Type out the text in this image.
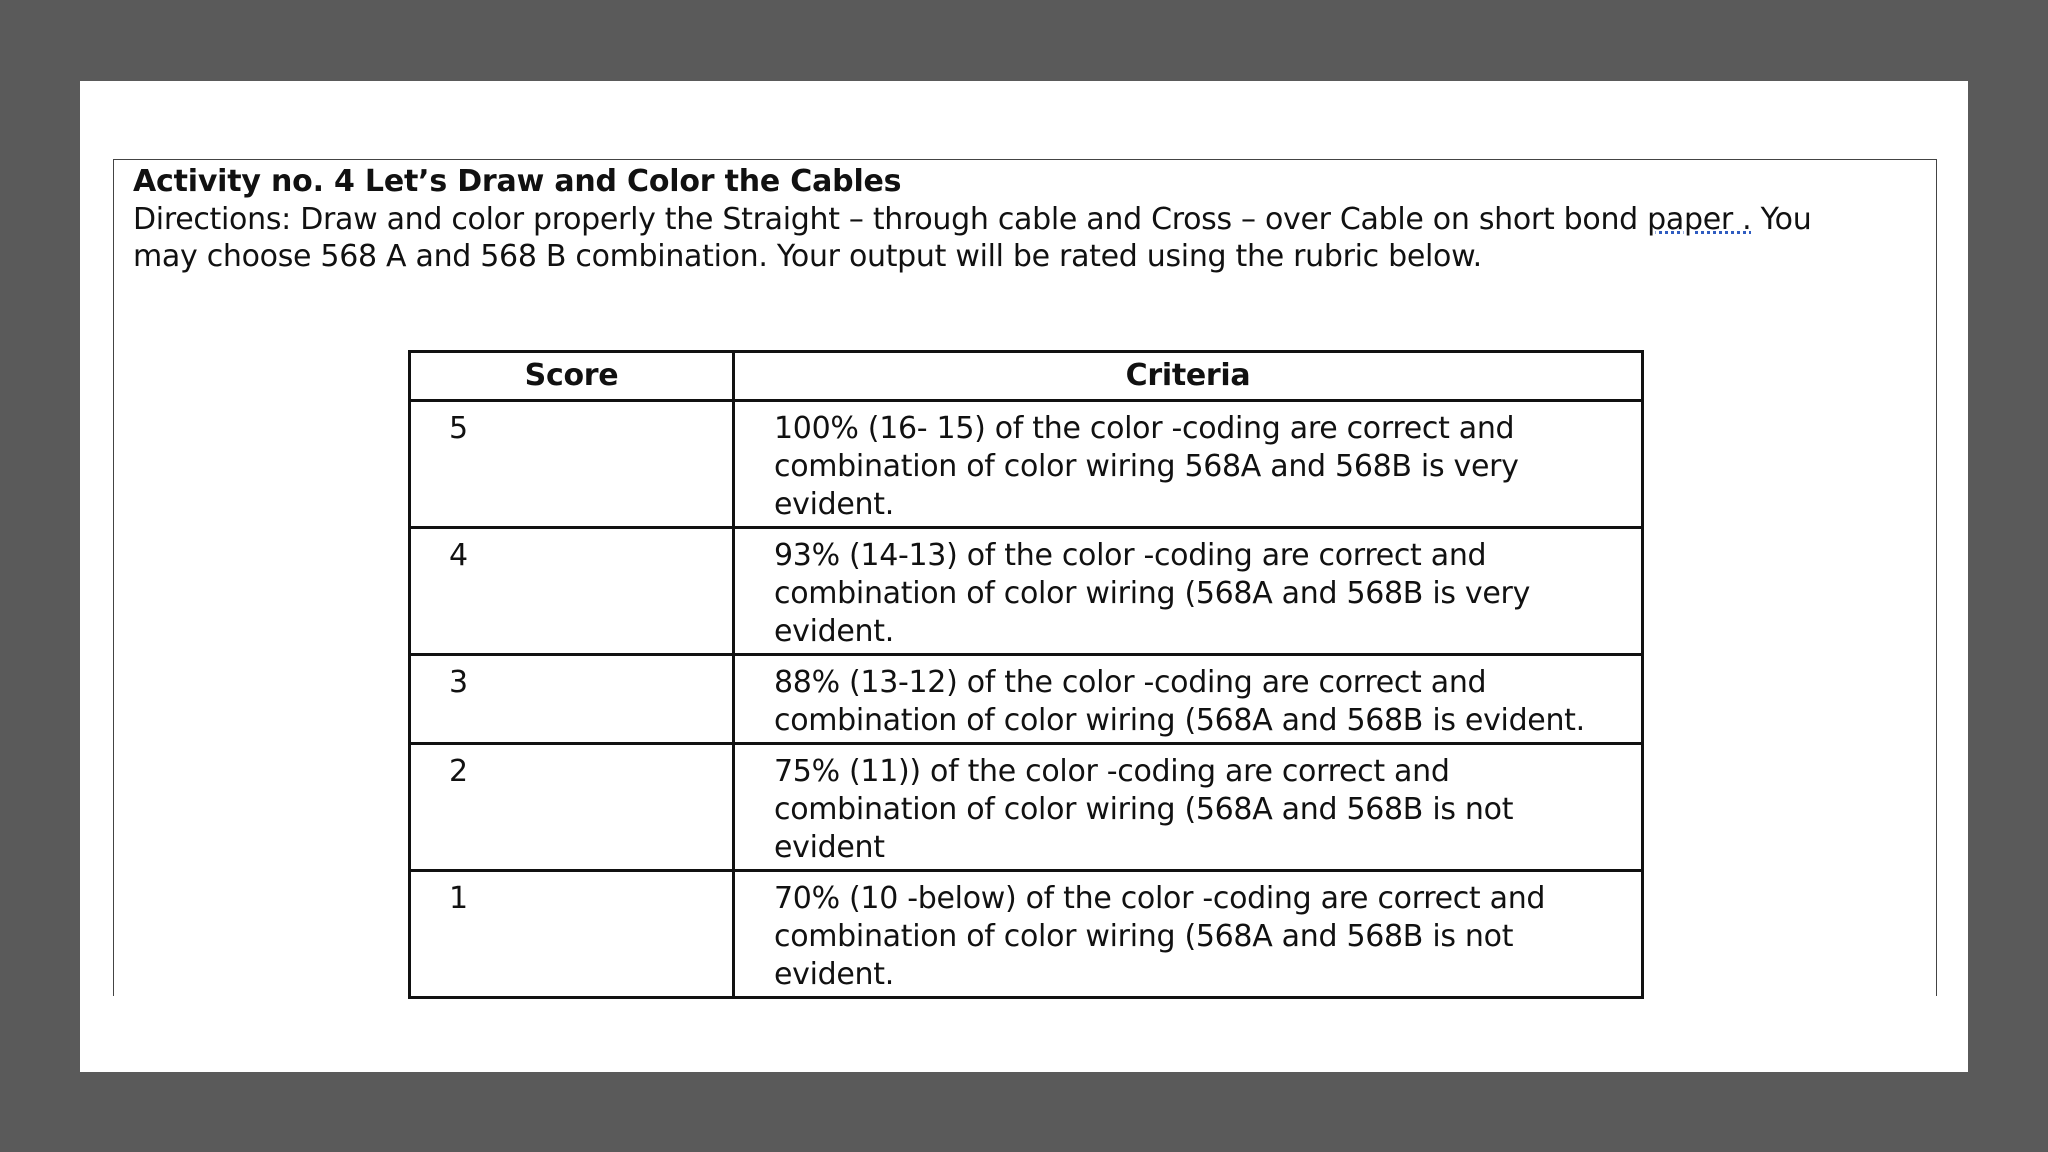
Activity no. 4 Let’s Draw and Color the Cables
Directions: Draw and color properly the Straight – through cable and Cross – over Cable on short bond paper . You
may choose 568 A and 568 B combination. Your output will be rated using the rubric below.
Score	Criteria
5	100% (16- 15) of the color -coding are correct and
combination of color wiring 568A and 568B is very
evident.
4	93% (14-13) of the color -coding are correct and
combination of color wiring (568A and 568B is very
evident.
3	88% (13-12) of the color -coding are correct and
combination of color wiring (568A and 568B is evident.
2	75% (11)) of the color -coding are correct and
combination of color wiring (568A and 568B is not
evident
1	70% (10 -below) of the color -coding are correct and
combination of color wiring (568A and 568B is not
evident.
